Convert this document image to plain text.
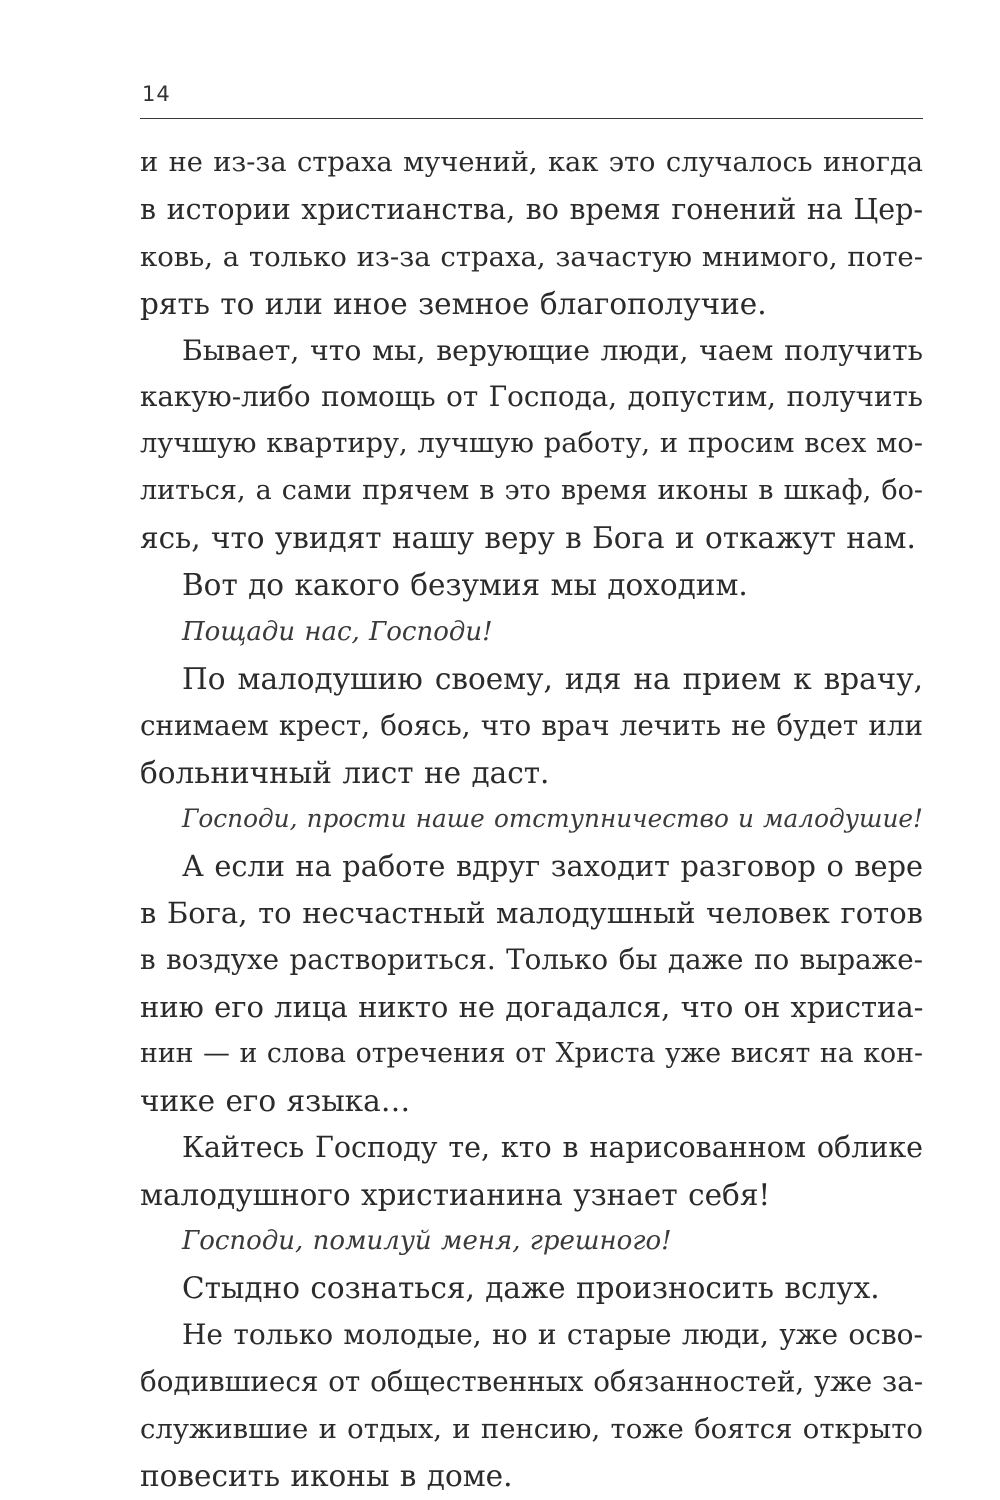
14
и не из-за страха мучений, как это случалось иногда
в истории христианства, во время гонений на Цер-
ковь, а только из-за страха, зачастую мнимого, поте-
рять то или иное земное благополучие.
Бывает, что мы, верующие люди, чаем получить
какую-либо помощь от Господа, допустим, получить
лучшую квартиру, лучшую работу, и просим всех мо-
литься, а сами прячем в это время иконы в шкаф, бо-
ясь, что увидят нашу веру в Бога и откажут нам.
Вот до какого безумия мы доходим.
Пощади нас, Господи!
По малодушию своему, идя на прием к врачу,
снимаем крест, боясь, что врач лечить не будет или
больничный лист не даст.
Господи, прости наше отступничество и малодушие!
А если на работе вдруг заходит разговор о вере
в Бога, то несчастный малодушный человек готов
в воздухе раствориться. Только бы даже по выраже-
нию его лица никто не догадался, что он христиа-
нин — и слова отречения от Христа уже висят на кон-
чике его языка…
Кайтесь Господу те, кто в нарисованном облике
малодушного христианина узнает себя!
Господи, помилуй меня, грешного!
Стыдно сознаться, даже произносить вслух.
Не только молодые, но и старые люди, уже осво-
бодившиеся от общественных обязанностей, уже за-
служившие и отдых, и пенсию, тоже боятся открыто
повесить иконы в доме.
